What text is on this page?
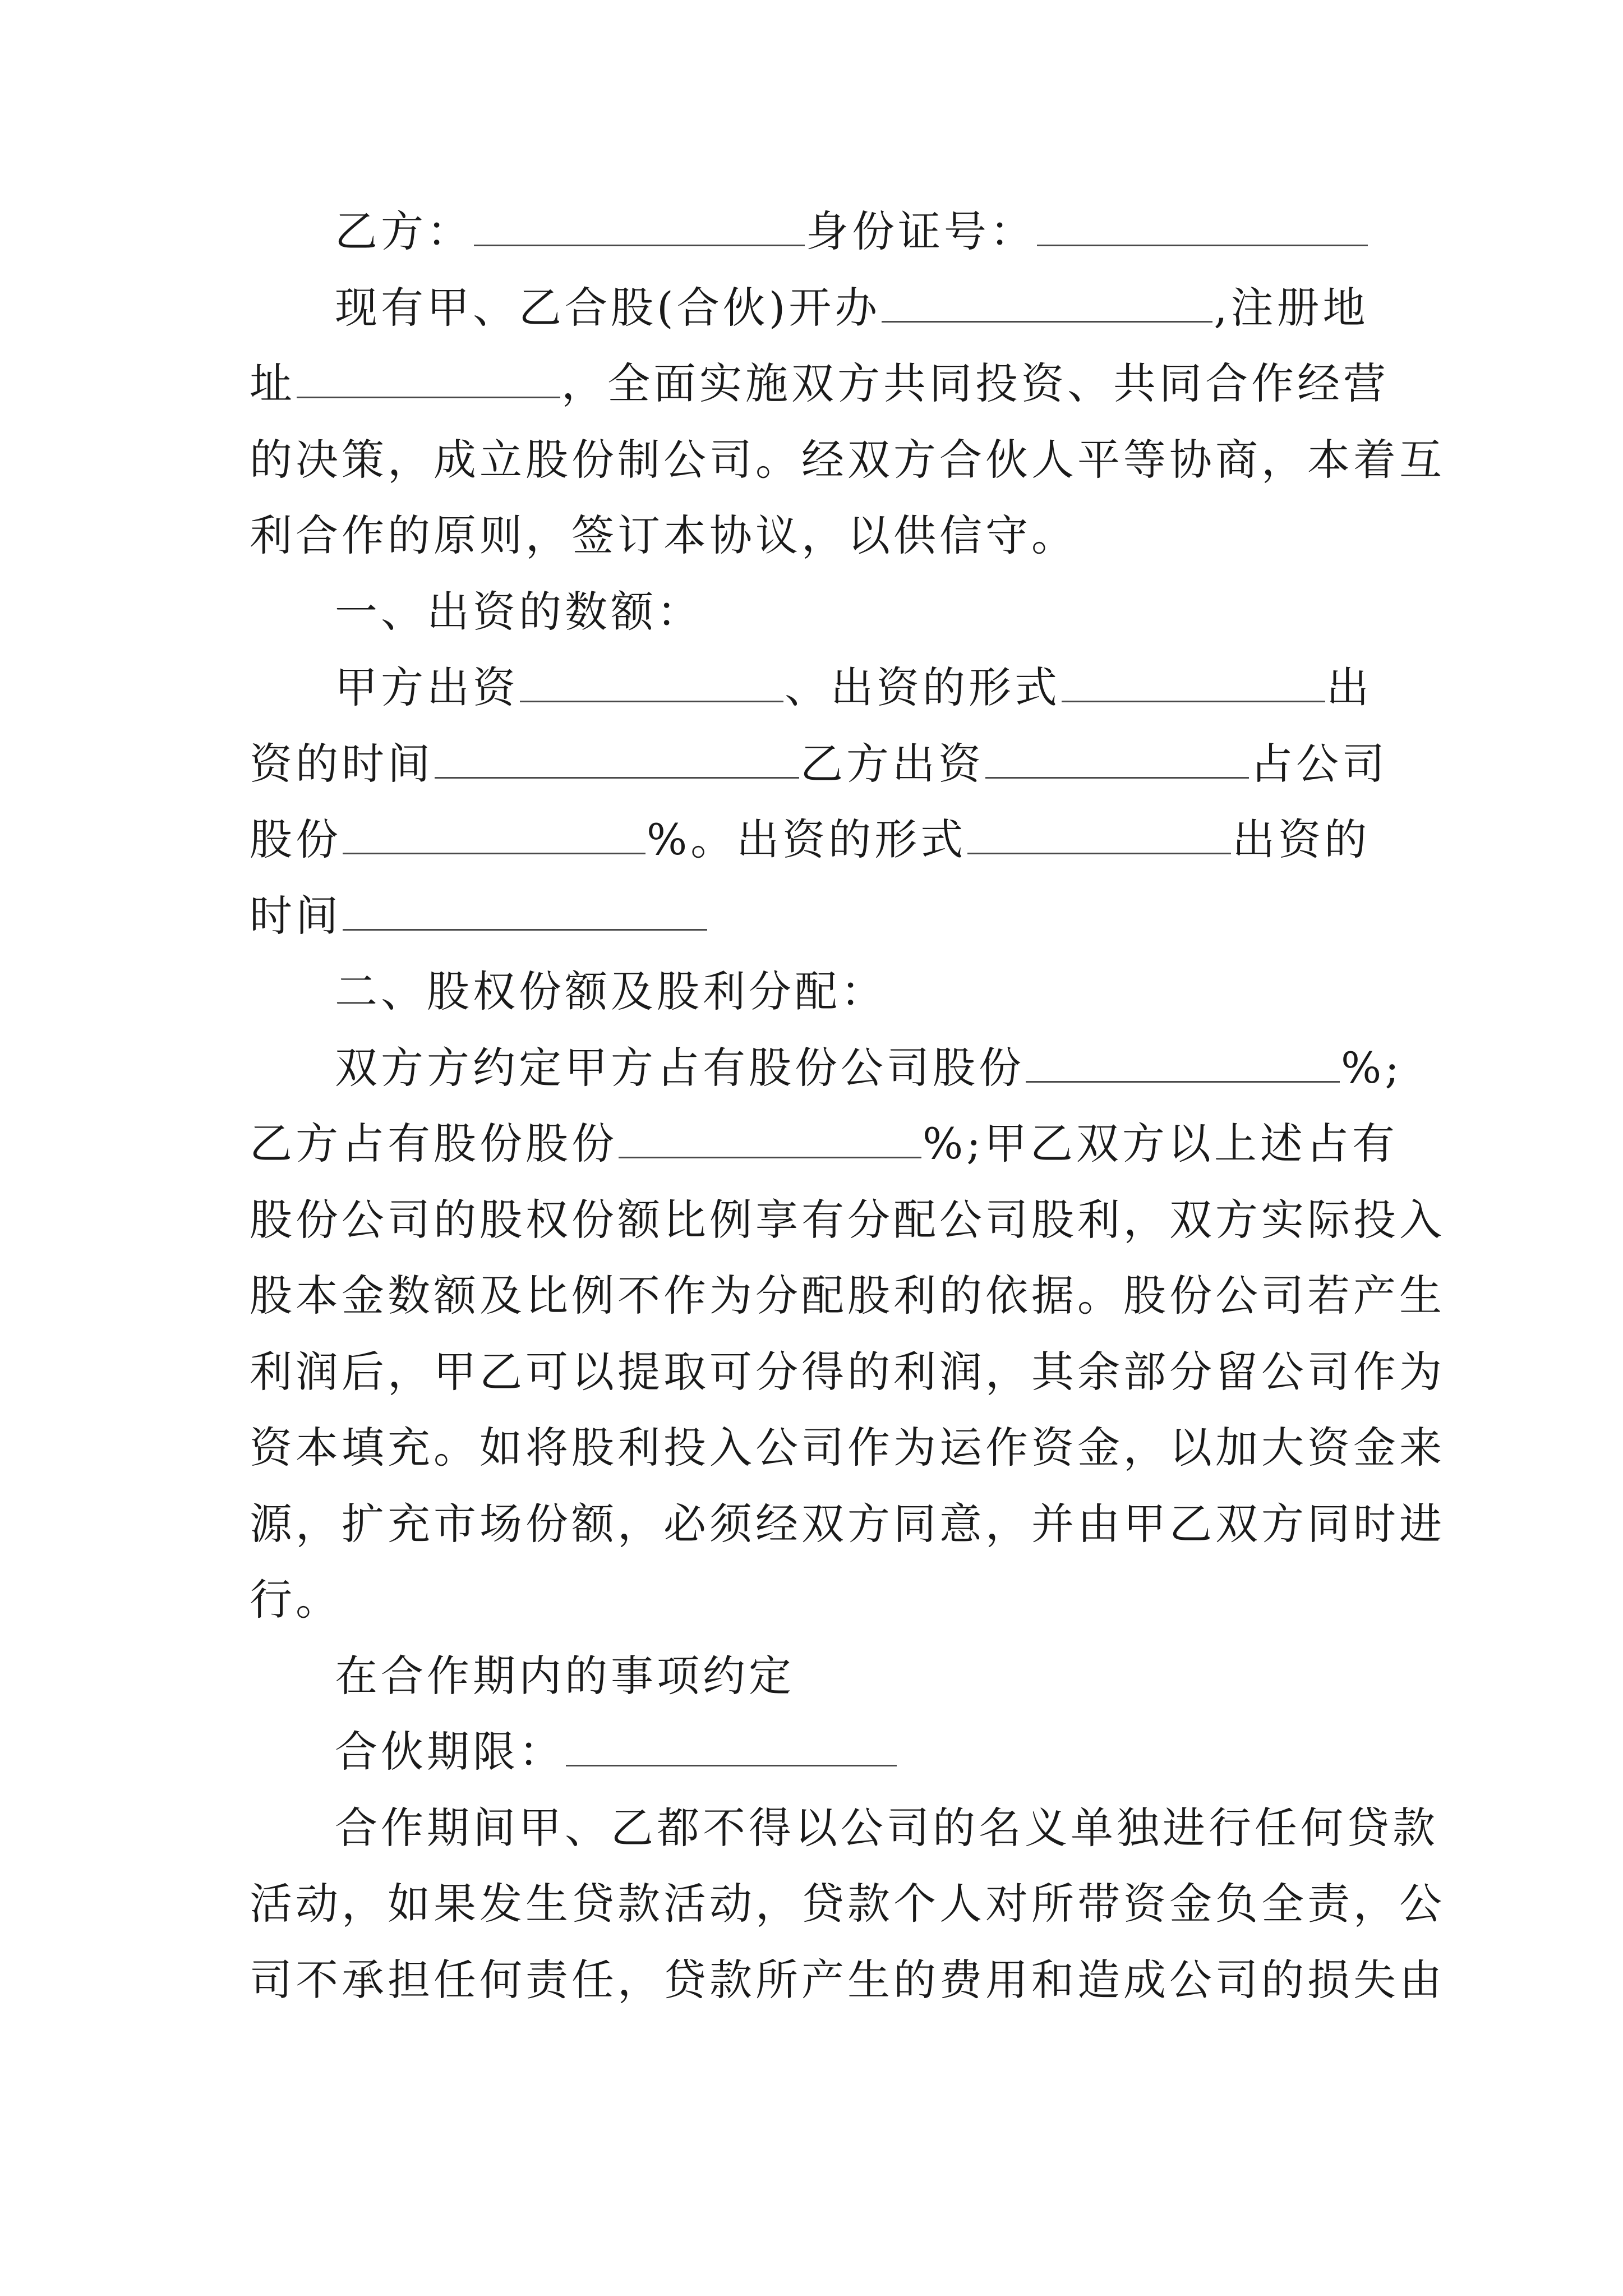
乙方：	身份证号：
现有甲、乙合股(合伙)开办	,注册地
址	，全面实施双方共同投资、共同合作经营
的决策，成立股份制公司。经双方合伙人平等协商，本着互
利合作的原则，签订本协议，以供信守。
一、出资的数额：
甲方出资	、出资的形式	出
资的时间	乙方出资	占公司
股份	%。出资的形式	出资的
时间
二、股权份额及股利分配：
双方方约定甲方占有股份公司股份	%;
乙方占有股份股份	%;甲乙双方以上述占有
股份公司的股权份额比例享有分配公司股利，双方实际投入
股本金数额及比例不作为分配股利的依据。股份公司若产生
利润后，甲乙可以提取可分得的利润，其余部分留公司作为
资本填充。如将股利投入公司作为运作资金，以加大资金来
源，扩充市场份额，必须经双方同意，并由甲乙双方同时进
行。
在合作期内的事项约定
合伙期限：
合作期间甲、乙都不得以公司的名义单独进行任何贷款
活动，如果发生贷款活动，贷款个人对所带资金负全责，公
司不承担任何责任，贷款所产生的费用和造成公司的损失由
